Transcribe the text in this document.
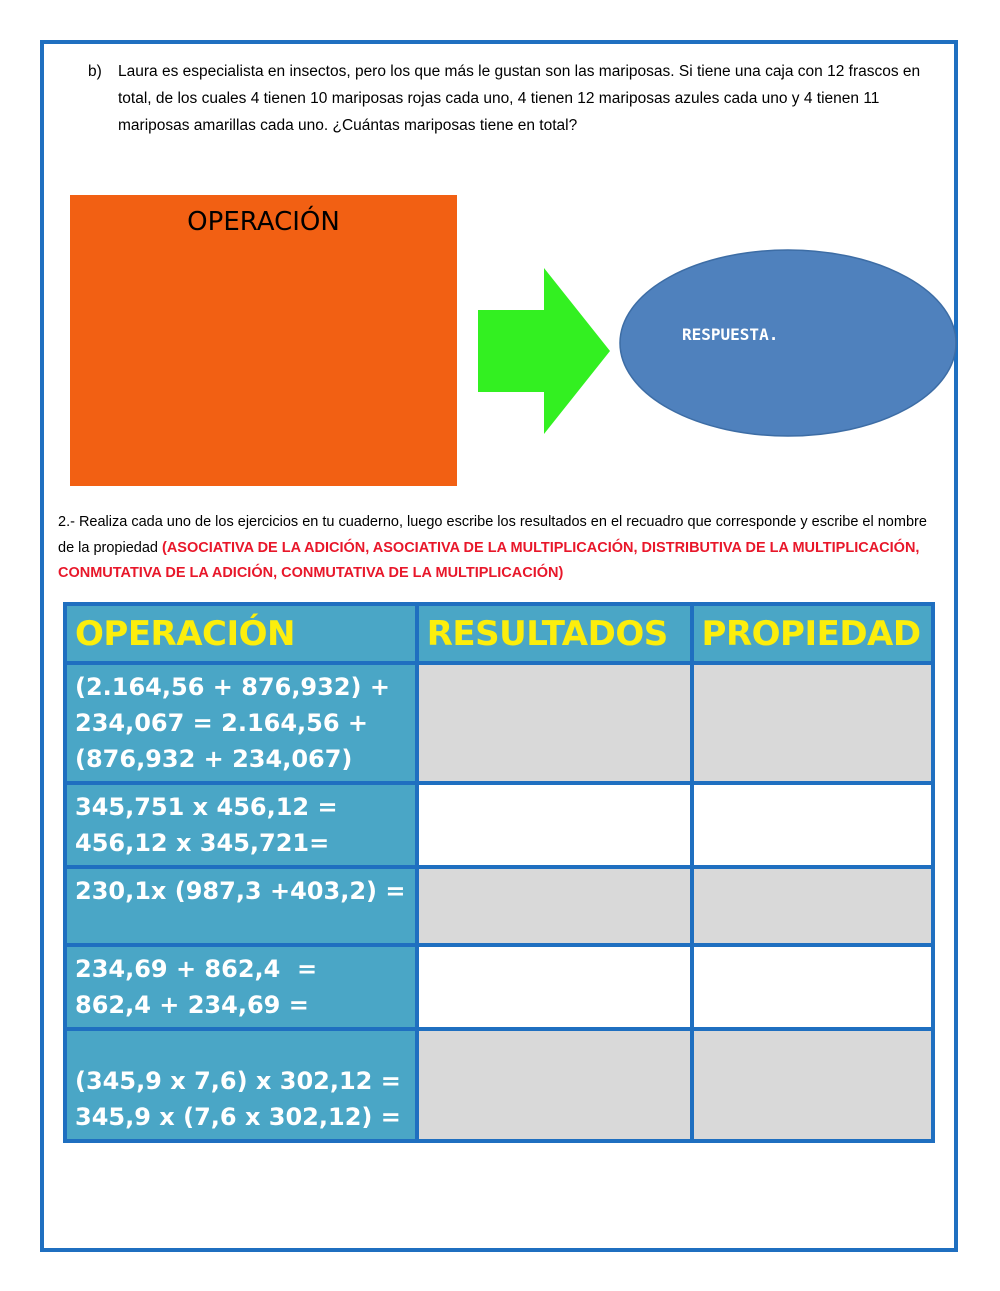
b) Laura es especialista en insectos, pero los que más le gustan son las mariposas. Si tiene una caja con 12 frascos en total, de los cuales 4 tienen 10 mariposas rojas cada uno, 4 tienen 12 mariposas azules cada uno y 4 tienen 11 mariposas amarillas cada uno. ¿Cuántas mariposas tiene en total?
OPERACIÓN
RESPUESTA.
2.- Realiza cada uno de los ejercicios en tu cuaderno, luego escribe los resultados en el recuadro que corresponde y escribe el nombre de la propiedad (ASOCIATIVA DE LA ADICIÓN, ASOCIATIVA DE LA MULTIPLICACIÓN, DISTRIBUTIVA DE LA MULTIPLICACIÓN, CONMUTATIVA DE LA ADICIÓN, CONMUTATIVA DE LA MULTIPLICACIÓN)
OPERACIÓN	RESULTADOS	PROPIEDAD

(2.164,56 + 876,932) +
234,067 = 2.164,56 +
(876,932 + 234,067)		

345,751 x 456,12 =
456,12 x 345,721=		

230,1x (987,3 +403,2) =		

234,69 + 862,4  =
862,4 + 234,69 =		

(345,9 x 7,6) x 302,12 =
345,9 x (7,6 x 302,12) =		
